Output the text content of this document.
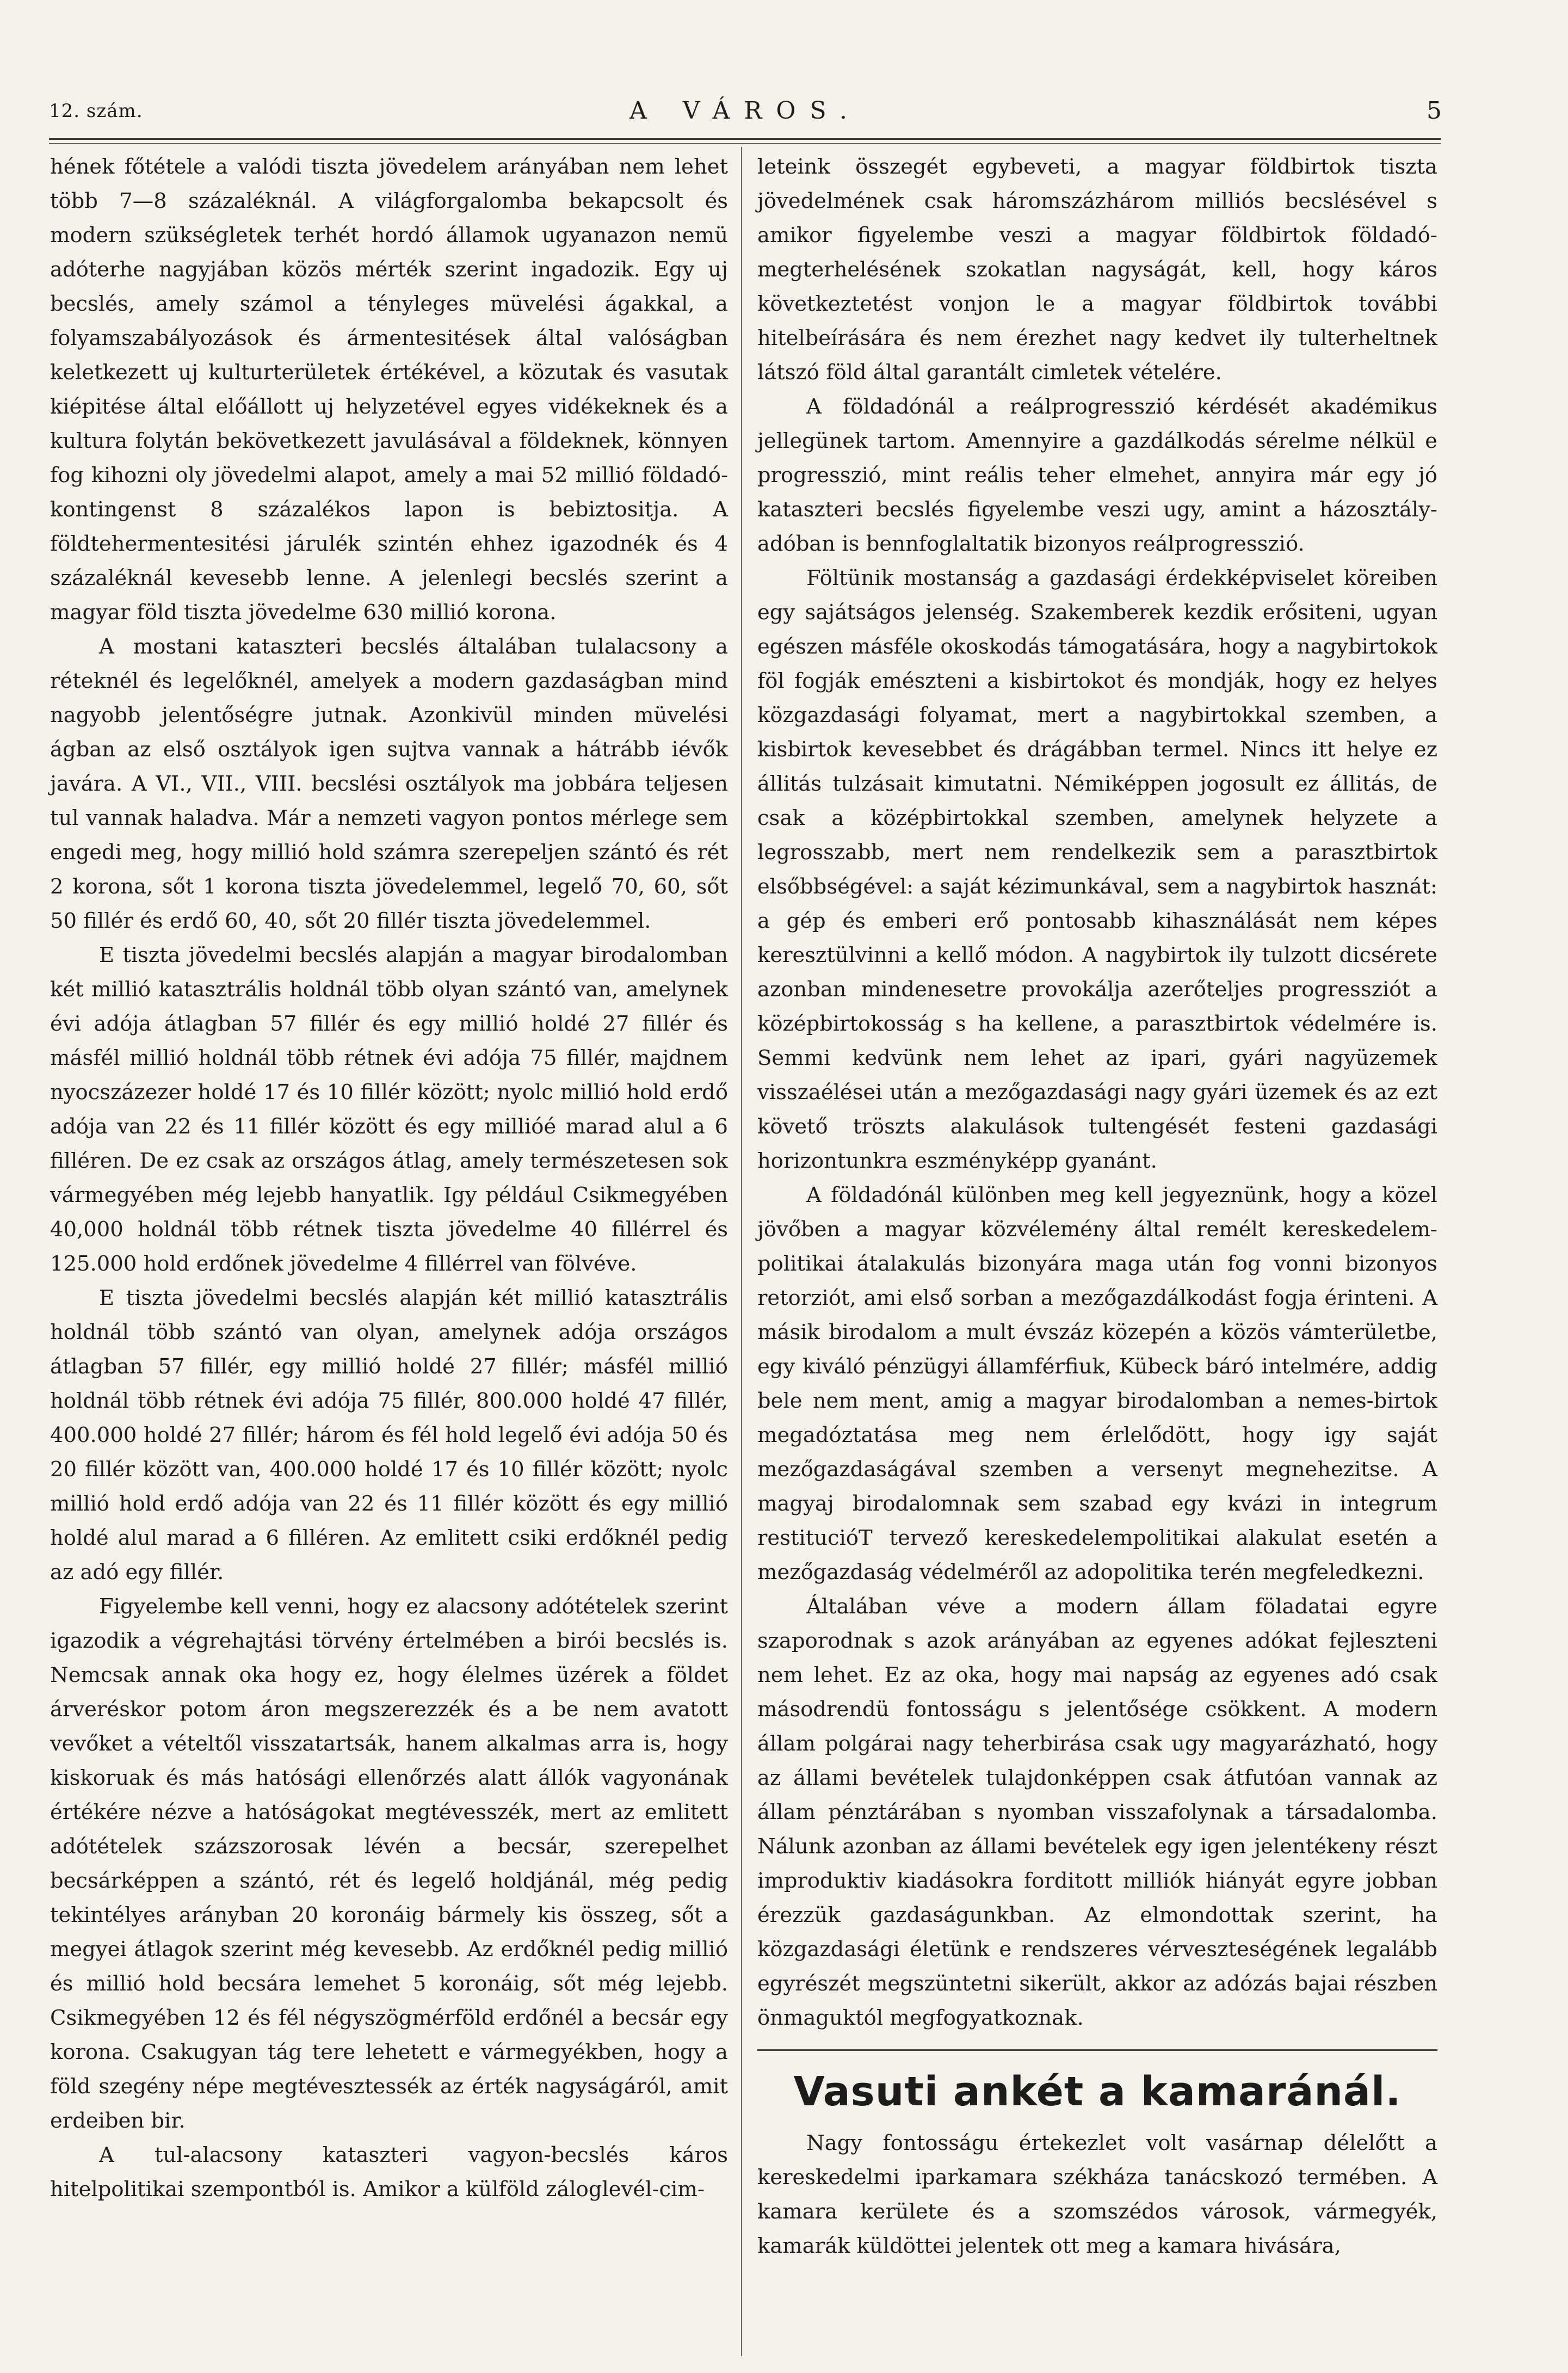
12. szám.	A VÁROS.	5

hének főtétele a valódi tiszta jövedelem arányában nem lehet több 7—8 százaléknál. A világforgalomba bekapcsolt és modern szükségletek terhét hordó államok ugyanazon nemü adóterhe nagyjában közös mérték szerint ingadozik. Egy uj becslés, amely számol a tényleges müvelési ágakkal, a folyamszabályozások és ármentesitések által valóságban keletkezett uj kulturterületek értékével, a közutak és vasutak kiépitése által előállott uj helyzetével egyes vidékeknek és a kultura folytán bekövetkezett javulásával a földeknek, könnyen fog kihozni oly jövedelmi alapot, amely a mai 52 millió földadó-kontingenst 8 százalékos lapon is bebiztositja. A földtehermentesitési járulék szintén ehhez igazodnék és 4 százaléknál kevesebb lenne. A jelenlegi becslés szerint a magyar föld tiszta jövedelme 630 millió korona.

A mostani kataszteri becslés általában tulalacsony a réteknél és legelőknél, amelyek a modern gazdaságban mind nagyobb jelentőségre jutnak. Azonkivül minden müvelési ágban az első osztályok igen sujtva vannak a hátrább iévők javára. A VI., VII., VIII. becslési osztályok ma jobbára teljesen tul vannak haladva. Már a nemzeti vagyon pontos mérlege sem engedi meg, hogy millió hold számra szerepeljen szántó és rét 2 korona, sőt 1 korona tiszta jövedelemmel, legelő 70, 60, sőt 50 fillér és erdő 60, 40, sőt 20 fillér tiszta jövedelemmel.

E tiszta jövedelmi becslés alapján a magyar birodalomban két millió katasztrális holdnál több olyan szántó van, amelynek évi adója átlagban 57 fillér és egy millió holdé 27 fillér és másfél millió holdnál több rétnek évi adója 75 fillér, majdnem nyocszázezer holdé 17 és 10 fillér között; nyolc millió hold erdő adója van 22 és 11 fillér között és egy millióé marad alul a 6 filléren. De ez csak az országos átlag, amely természetesen sok vármegyében még lejebb hanyatlik. Igy például Csikmegyében 40,000 holdnál több rétnek tiszta jövedelme 40 fillérrel és 125.000 hold erdőnek jövedelme 4 fillérrel van fölvéve.

E tiszta jövedelmi becslés alapján két millió katasztrális holdnál több szántó van olyan, amelynek adója országos átlagban 57 fillér, egy millió holdé 27 fillér; másfél millió holdnál több rétnek évi adója 75 fillér, 800.000 holdé 47 fillér, 400.000 holdé 27 fillér; három és fél hold legelő évi adója 50 és 20 fillér között van, 400.000 holdé 17 és 10 fillér között; nyolc millió hold erdő adója van 22 és 11 fillér között és egy millió holdé alul marad a 6 filléren. Az emlitett csiki erdőknél pedig az adó egy fillér.

Figyelembe kell venni, hogy ez alacsony adótételek szerint igazodik a végrehajtási törvény értelmében a birói becslés is. Nemcsak annak oka hogy ez, hogy élelmes üzérek a földet árveréskor potom áron megszerezzék és a be nem avatott vevőket a vételtől visszatartsák, hanem alkalmas arra is, hogy kiskoruak és más hatósági ellenőrzés alatt állók vagyonának értékére nézve a hatóságokat megtévesszék, mert az emlitett adótételek százszorosak lévén a becsár, szerepelhet becsárképpen a szántó, rét és legelő holdjánál, még pedig tekintélyes arányban 20 koronáig bármely kis összeg, sőt a megyei átlagok szerint még kevesebb. Az erdőknél pedig millió és millió hold becsára lemehet 5 koronáig, sőt még lejebb. Csikmegyében 12 és fél négyszögmérföld erdőnél a becsár egy korona. Csakugyan tág tere lehetett e vármegyékben, hogy a föld szegény népe megtévesztessék az érték nagyságáról, amit erdeiben bir.

A tul-alacsony kataszteri vagyon-becslés káros hitelpolitikai szempontból is. Amikor a külföld záloglevél-cim-

leteink összegét egybeveti, a magyar földbirtok tiszta jövedelmének csak háromszázhárom milliós becslésével s amikor figyelembe veszi a magyar földbirtok földadó-megterhelésének szokatlan nagyságát, kell, hogy káros következtetést vonjon le a magyar földbirtok további hitelbeírására és nem érezhet nagy kedvet ily tulterheltnek látszó föld által garantált cimletek vételére.

A földadónál a reálprogresszió kérdését akadémikus jellegünek tartom. Amennyire a gazdálkodás sérelme nélkül e progresszió, mint reális teher elmehet, annyira már egy jó kataszteri becslés figyelembe veszi ugy, amint a házosztály-adóban is bennfoglaltatik bizonyos reálprogresszió.

Föltünik mostanság a gazdasági érdekképviselet köreiben egy sajátságos jelenség. Szakemberek kezdik erősiteni, ugyan egészen másféle okoskodás támogatására, hogy a nagybirtokok föl fogják emészteni a kisbirtokot és mondják, hogy ez helyes közgazdasági folyamat, mert a nagybirtokkal szemben, a kisbirtok kevesebbet és drágábban termel. Nincs itt helye ez állitás tulzásait kimutatni. Némiképpen jogosult ez állitás, de csak a középbirtokkal szemben, amelynek helyzete a legrosszabb, mert nem rendelkezik sem a parasztbirtok elsőbbségével: a saját kézimunkával, sem a nagybirtok hasznát: a gép és emberi erő pontosabb kihasználását nem képes keresztülvinni a kellő módon. A nagybirtok ily tulzott dicsérete azonban mindenesetre provokálja azerőteljes progressziót a középbirtokosság s ha kellene, a parasztbirtok védelmére is. Semmi kedvünk nem lehet az ipari, gyári nagyüzemek visszaélései után a mezőgazdasági nagy gyári üzemek és az ezt követő tröszts alakulások tultengését festeni gazdasági horizontunkra eszményképp gyanánt.

A földadónál különben meg kell jegyeznünk, hogy a közel jövőben a magyar közvélemény által remélt kereskedelem-politikai átalakulás bizonyára maga után fog vonni bizonyos retorziót, ami első sorban a mezőgazdálkodást fogja érinteni. A másik birodalom a mult évszáz közepén a közös vámterületbe, egy kiváló pénzügyi államférfiuk, Kübeck báró intelmére, addig bele nem ment, amig a magyar birodalomban a nemes-birtok megadóztatása meg nem érlelődött, hogy igy saját mezőgazdaságával szemben a versenyt megnehezitse. A magyaj birodalomnak sem szabad egy kvázi in integrum restitucióT tervező kereskedelempolitikai alakulat esetén a mezőgazdaság védelméről az adopolitika terén megfeledkezni.

Általában véve a modern állam föladatai egyre szaporodnak s azok arányában az egyenes adókat fejleszteni nem lehet. Ez az oka, hogy mai napság az egyenes adó csak másodrendü fontosságu s jelentősége csökkent. A modern állam polgárai nagy teherbirása csak ugy magyarázható, hogy az állami bevételek tulajdonképpen csak átfutóan vannak az állam pénztárában s nyomban visszafolynak a társadalomba. Nálunk azonban az állami bevételek egy igen jelentékeny részt improduktiv kiadásokra forditott milliók hiányát egyre jobban érezzük gazdaságunkban. Az elmondottak szerint, ha közgazdasági életünk e rendszeres vérveszteségének legalább egyrészét megszüntetni sikerült, akkor az adózás bajai részben önmaguktól megfogyatkoznak.

Vasuti ankét a kamaránál.

Nagy fontosságu értekezlet volt vasárnap délelőtt a kereskedelmi iparkamara székháza tanácskozó termében. A kamara kerülete és a szomszédos városok, vármegyék, kamarák küldöttei jelentek ott meg a kamara hivására,
